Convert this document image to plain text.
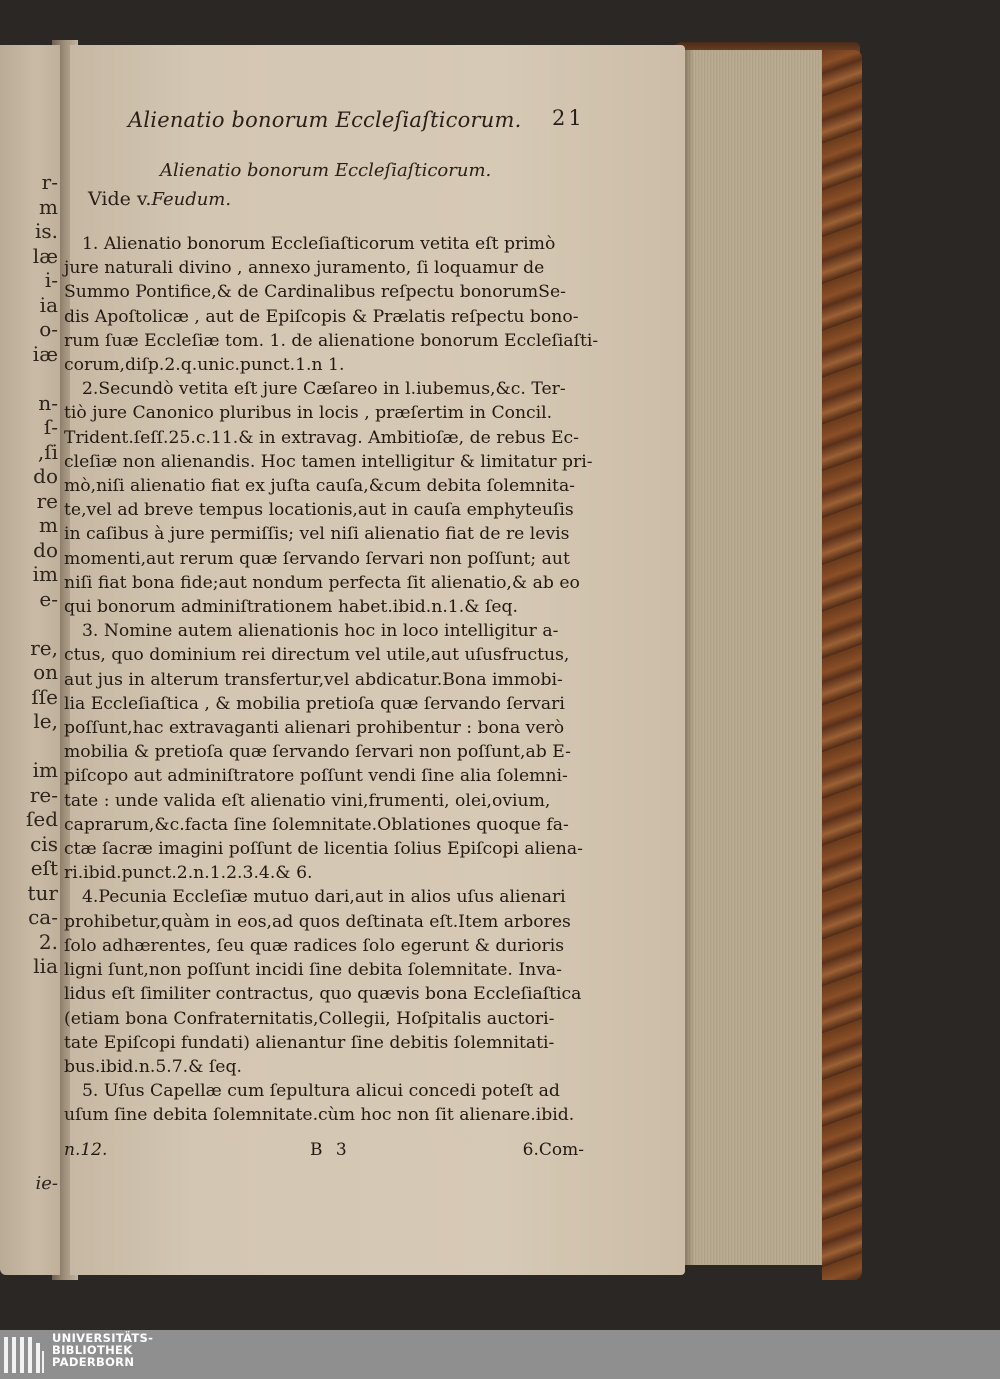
r-
m
is.
læ
i-
ia
o-
iæ
n-
ſ-
,ſi
do
re
m
do
im
e-
re,
on
ſſe
le,
im
re-
ſed
cis
eſt
tur
ca-
2.
lia
ie-
Alienatio bonorum Eccleſiaſticorum. 21
Alienatio bonorum Eccleſiaſticorum.
Vide v.Feudum.
1. Alienatio bonorum Eccleſiaſticorum vetita eſt primò
jure naturali divino , annexo juramento, ſi loquamur de
Summo Pontifice,& de Cardinalibus reſpectu bonorumSe-
dis Apoſtolicæ , aut de Epiſcopis & Prælatis reſpectu bono-
rum ſuæ Eccleſiæ tom. 1. de alienatione bonorum Eccleſiaſti-
corum,diſp.2.q.unic.punct.1.n 1.
2.Secundò vetita eſt jure Cæſareo in l.iubemus,&c. Ter-
tiò jure Canonico pluribus in locis , præſertim in Concil.
Trident.ſeſſ.25.c.11.& in extravag. Ambitioſæ, de rebus Ec-
cleſiæ non alienandis. Hoc tamen intelligitur & limitatur pri-
mò,niſi alienatio fiat ex juſta cauſa,&cum debita ſolemnita-
te,vel ad breve tempus locationis,aut in cauſa emphyteuſis
in caſibus à jure permiſſis; vel niſi alienatio fiat de re levis
momenti,aut rerum quæ ſervando ſervari non poſſunt; aut
niſi fiat bona fide;aut nondum perfecta ſit alienatio,& ab eo
qui bonorum adminiſtrationem habet.ibid.n.1.& ſeq.
3. Nomine autem alienationis hoc in loco intelligitur a-
ctus, quo dominium rei directum vel utile,aut uſusfructus,
aut jus in alterum transfertur,vel abdicatur.Bona immobi-
lia Eccleſiaſtica , & mobilia pretioſa quæ ſervando ſervari
poſſunt,hac extravaganti alienari prohibentur : bona verò
mobilia & pretioſa quæ ſervando ſervari non poſſunt,ab E-
piſcopo aut adminiſtratore poſſunt vendi ſine alia ſolemni-
tate : unde valida eſt alienatio vini,frumenti, olei,ovium,
caprarum,&c.facta ſine ſolemnitate.Oblationes quoque fa-
ctæ ſacræ imagini poſſunt de licentia ſolius Epiſcopi aliena-
ri.ibid.punct.2.n.1.2.3.4.& 6.
4.Pecunia Eccleſiæ mutuo dari,aut in alios uſus alienari
prohibetur,quàm in eos,ad quos deſtinata eſt.Item arbores
ſolo adhærentes, ſeu quæ radices ſolo egerunt & durioris
ligni ſunt,non poſſunt incidi ſine debita ſolemnitate. Inva-
lidus eſt ſimiliter contractus, quo quævis bona Eccleſiaſtica
(etiam bona Confraternitatis,Collegii, Hoſpitalis auctori-
tate Epiſcopi fundati) alienantur ſine debitis ſolemnitati-
bus.ibid.n.5.7.& ſeq.
5. Uſus Capellæ cum ſepultura alicui concedi poteſt ad
uſum ſine debita ſolemnitate.cùm hoc non ſit alienare.ibid.
n.12.	B 3	6.Com-
UNIVERSITÄTS-
BIBLIOTHEK
PADERBORN
